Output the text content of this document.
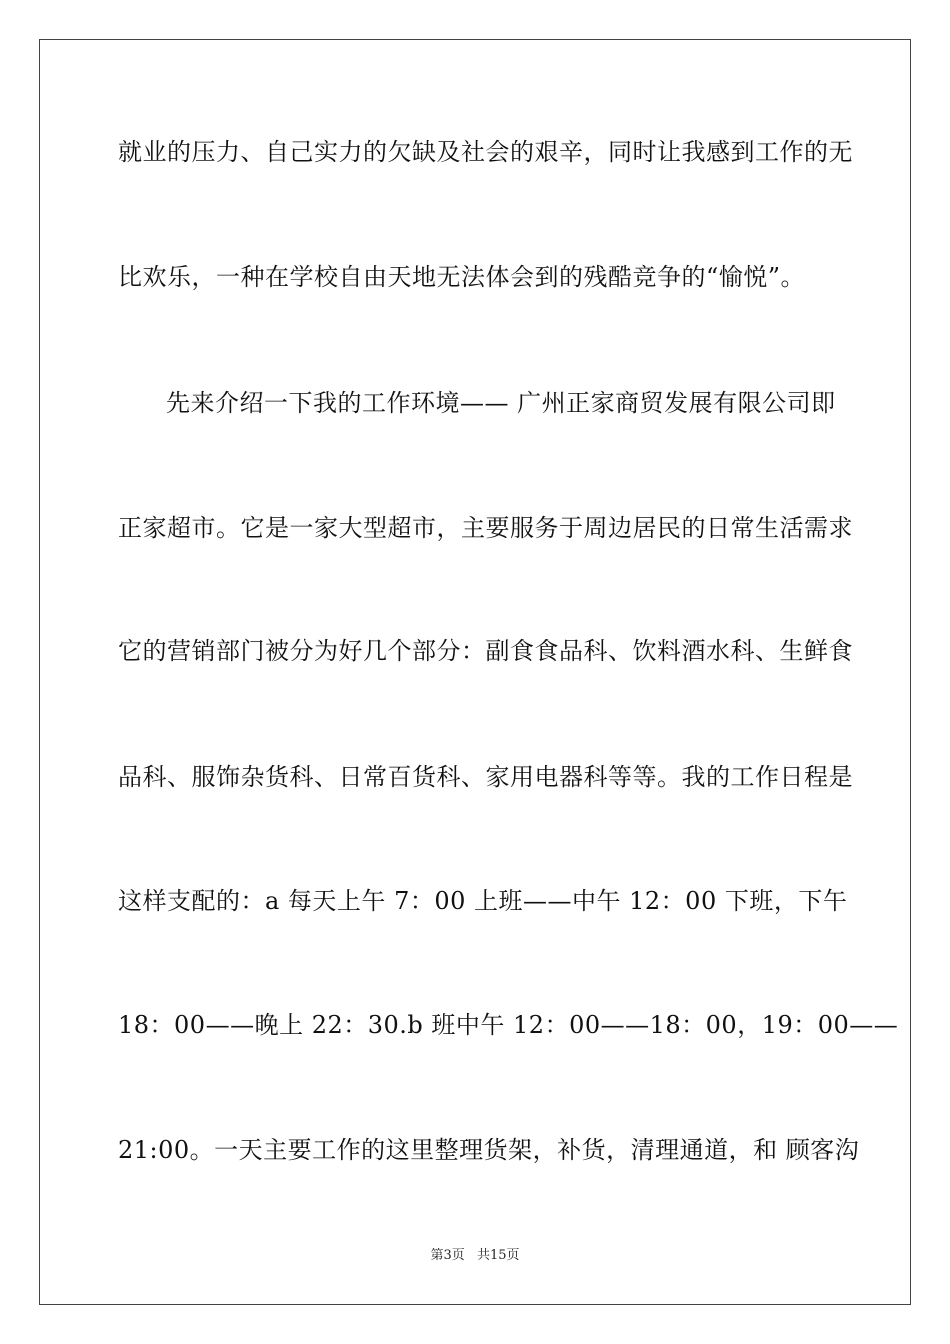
就业的压力、自己实力的欠缺及社会的艰辛，同时让我感到工作的无
比欢乐，一种在学校自由天地无法体会到的残酷竞争的“愉悦”。
先来介绍一下我的工作环境—— 广州正家商贸发展有限公司即
正家超市。它是一家大型超市，主要服务于周边居民的日常生活需求
它的营销部门被分为好几个部分：副食食品科、饮料酒水科、生鲜食
品科、服饰杂货科、日常百货科、家用电器科等等。我的工作日程是
这样支配的：a 每天上午 7：00 上班——中午 12：00 下班，下午
18：00——晚上 22：30.b 班中午 12：00——18：00，19：00——
21:00。一天主要工作的这里整理货架，补货，清理通道，和 顾客沟
第3页 共15页
